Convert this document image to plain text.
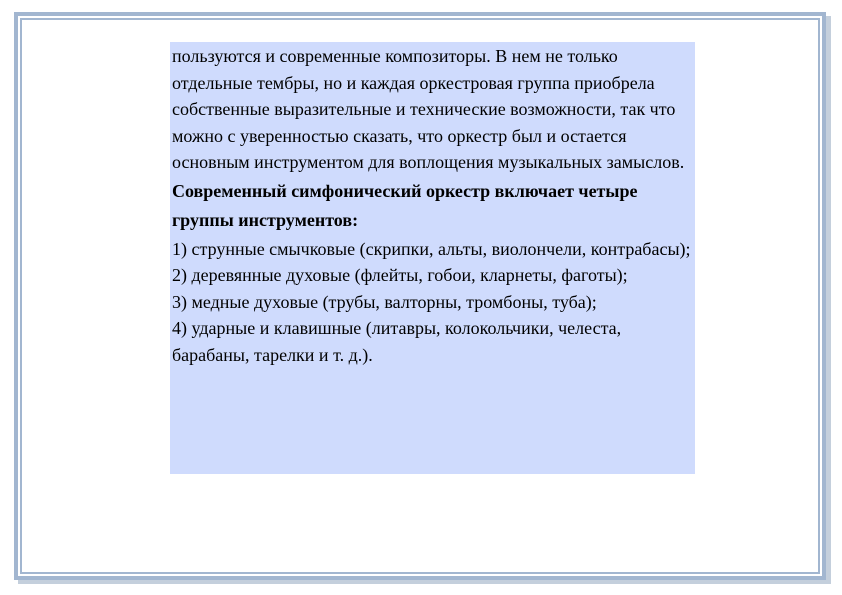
пользуются и современные композиторы. В нем не только отдельные тембры, но и каждая оркестровая группа приобрела собственные выразительные и технические возможности, так что можно с уверенностью сказать, что оркестр был и остается основным инструментом для воплощения музыкальных замыслов.

Современный симфонический оркестр включает четыре группы инструментов:

1) струнные смычковые (скрипки, альты, виолончели, контрабасы);

2) деревянные духовые (флейты, гобои, кларнеты, фаготы);

3) медные духовые (трубы, валторны, тромбоны, туба);

4) ударные и клавишные (литавры, колокольчики, челеста, барабаны, тарелки и т. д.).
